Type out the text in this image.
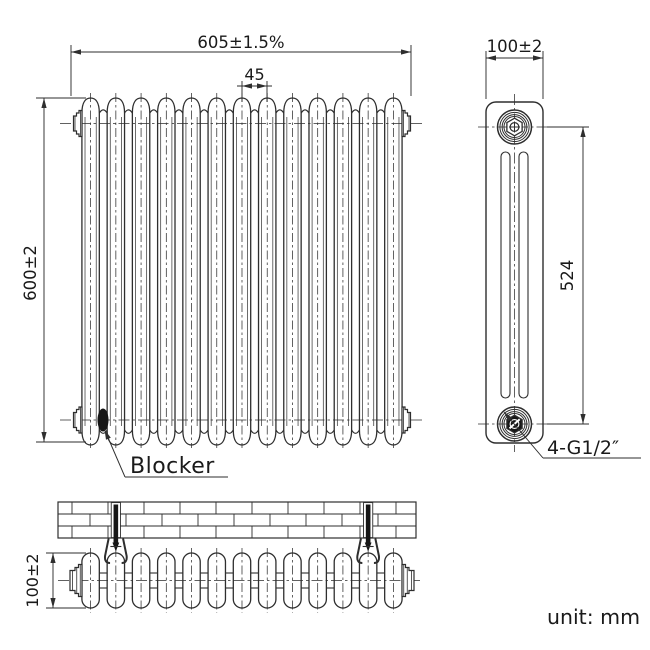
605±1.5%
45
600±2
Blocker
100±2
524
4-G1/2″
100±2
unit: mm
